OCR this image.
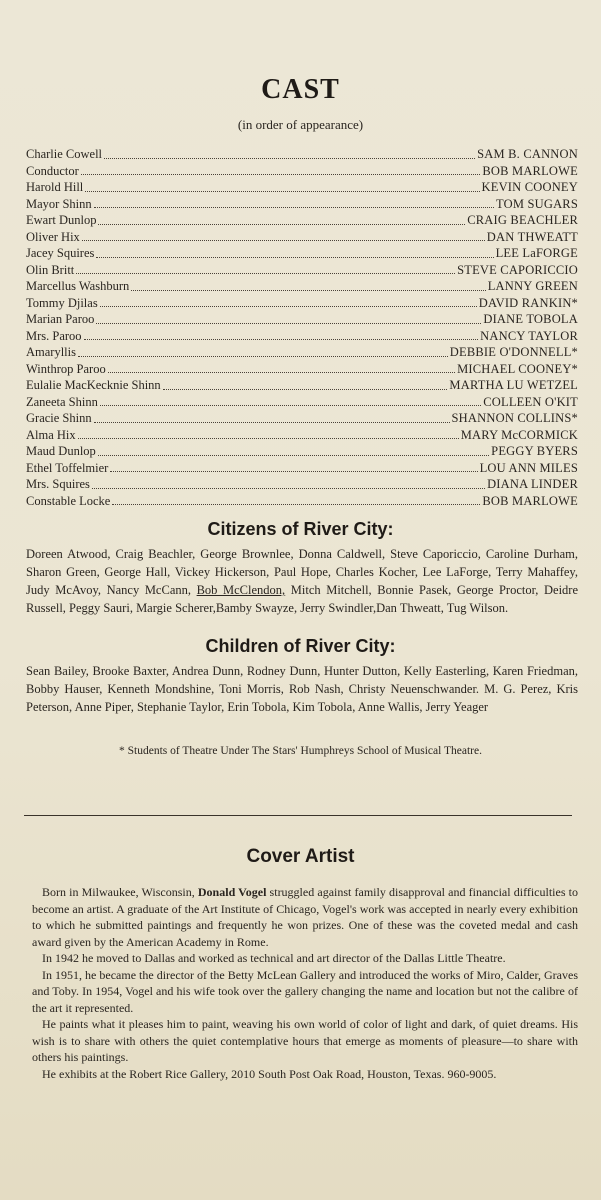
CAST
(in order of appearance)
Charlie Cowell	SAM B. CANNON
Conductor	BOB MARLOWE
Harold Hill	KEVIN COONEY
Mayor Shinn	TOM SUGARS
Ewart Dunlop	CRAIG BEACHLER
Oliver Hix	DAN THWEATT
Jacey Squires	LEE LaFORGE
Olin Britt	STEVE CAPORICCIO
Marcellus Washburn	LANNY GREEN
Tommy Djilas	DAVID RANKIN*
Marian Paroo	DIANE TOBOLA
Mrs. Paroo	NANCY TAYLOR
Amaryllis	DEBBIE O'DONNELL*
Winthrop Paroo	MICHAEL COONEY*
Eulalie MacKecknie Shinn	MARTHA LU WETZEL
Zaneeta Shinn	COLLEEN O'KIT
Gracie Shinn	SHANNON COLLINS*
Alma Hix	MARY McCORMICK
Maud Dunlop	PEGGY BYERS
Ethel Toffelmier	LOU ANN MILES
Mrs. Squires	DIANA LINDER
Constable Locke	BOB MARLOWE
Citizens of River City:

Doreen Atwood, Craig Beachler, George Brownlee, Donna Caldwell, Steve Caporiccio, Caroline Durham, Sharon Green, George Hall, Vickey Hickerson, Paul Hope, Charles Kocher, Lee LaForge, Terry Mahaffey, Judy McAvoy, Nancy McCann, Bob McClendon, Mitch Mitchell, Bonnie Pasek, George Proctor, Deidre Russell, Peggy Sauri, Margie Scherer,Bamby Swayze, Jerry Swindler,Dan Thweatt, Tug Wilson.

Children of River City:

Sean Bailey, Brooke Baxter, Andrea Dunn, Rodney Dunn, Hunter Dutton, Kelly Easterling, Karen Friedman, Bobby Hauser, Kenneth Mondshine, Toni Morris, Rob Nash, Christy Neuenschwander. M. G. Perez, Kris Peterson, Anne Piper, Stephanie Taylor, Erin Tobola, Kim Tobola, Anne Wallis, Jerry Yeager

* Students of Theatre Under The Stars' Humphreys School of Musical Theatre.
Cover Artist

Born in Milwaukee, Wisconsin, Donald Vogel struggled against family disapproval and financial difficulties to become an artist. A graduate of the Art Institute of Chicago, Vogel's work was accepted in nearly every exhibition to which he submitted paintings and frequently he won prizes. One of these was the coveted medal and cash award given by the American Academy in Rome.

In 1942 he moved to Dallas and worked as technical and art director of the Dallas Little Theatre.

In 1951, he became the director of the Betty McLean Gallery and introduced the works of Miro, Calder, Graves and Toby. In 1954, Vogel and his wife took over the gallery changing the name and location but not the calibre of the art it represented.

He paints what it pleases him to paint, weaving his own world of color of light and dark, of quiet dreams. His wish is to share with others the quiet contemplative hours that emerge as moments of pleasure—to share with others his paintings.

He exhibits at the Robert Rice Gallery, 2010 South Post Oak Road, Houston, Texas. 960-9005.
